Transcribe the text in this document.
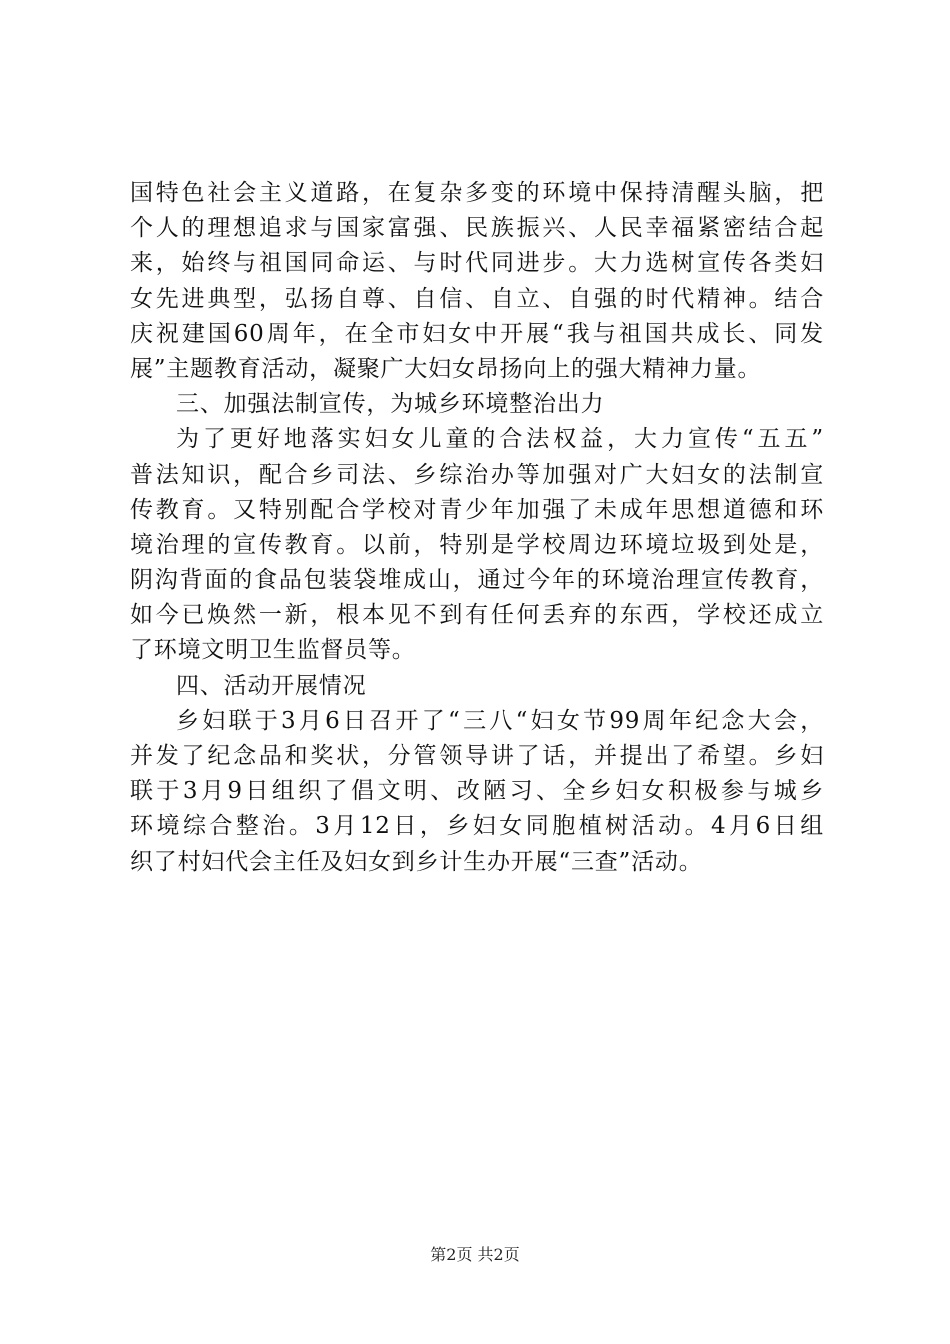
国特色社会主义道路，在复杂多变的环境中保持清醒头脑，把
个人的理想追求与国家富强、民族振兴、人民幸福紧密结合起
来，始终与祖国同命运、与时代同进步。大力选树宣传各类妇
女先进典型，弘扬自尊、自信、自立、自强的时代精神。结合
庆祝建国60周年，在全市妇女中开展“我与祖国共成长、同发
展”主题教育活动，凝聚广大妇女昂扬向上的强大精神力量。
三、加强法制宣传，为城乡环境整治出力
为了更好地落实妇女儿童的合法权益，大力宣传“五五”
普法知识，配合乡司法、乡综治办等加强对广大妇女的法制宣
传教育。又特别配合学校对青少年加强了未成年思想道德和环
境治理的宣传教育。以前，特别是学校周边环境垃圾到处是，
阴沟背面的食品包装袋堆成山，通过今年的环境治理宣传教育，
如今已焕然一新，根本见不到有任何丢弃的东西，学校还成立
了环境文明卫生监督员等。
四、活动开展情况
乡妇联于3月6日召开了“三八“妇女节99周年纪念大会，
并发了纪念品和奖状，分管领导讲了话，并提出了希望。乡妇
联于3月9日组织了倡文明、改陋习、全乡妇女积极参与城乡
环境综合整治。3月12日，乡妇女同胞植树活动。4月6日组
织了村妇代会主任及妇女到乡计生办开展“三查”活动。
第2页 共2页
